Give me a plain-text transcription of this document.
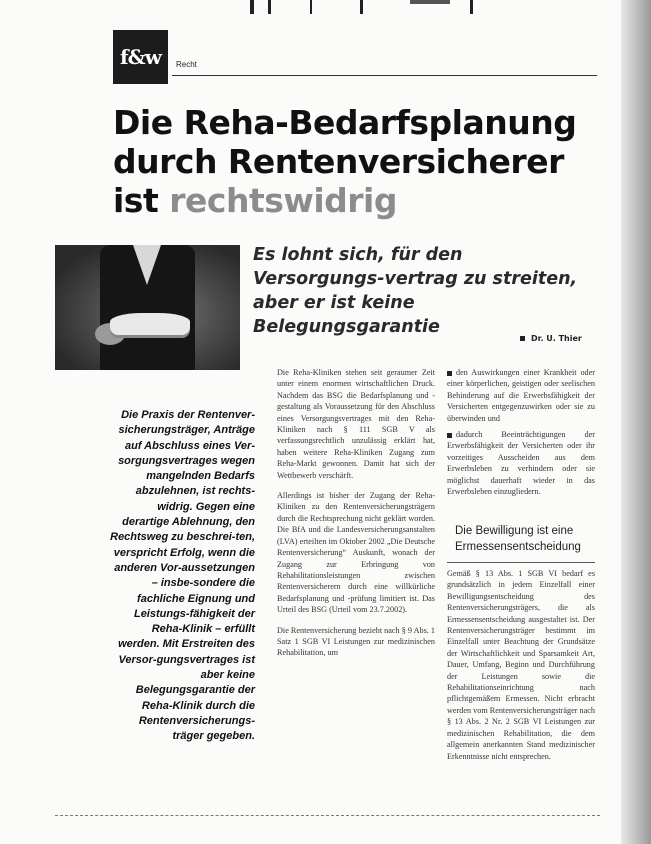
f&w	Recht
Die Reha-Bedarfsplanung
durch Rentenversicherer
ist rechtswidrig
Es lohnt sich, für den Versorgungs-vertrag zu streiten, aber er ist keine Belegungsgarantie
Dr. U. Thier
Die Praxis der Rentenver-sicherungsträger, Anträge auf Abschluss eines Ver-sorgungsvertrages wegen mangelnden Bedarfs abzulehnen, ist rechts-widrig. Gegen eine derartige Ablehnung, den Rechtsweg zu beschrei-ten, verspricht Erfolg, wenn die anderen Vor-aussetzungen – insbe-sondere die fachliche Eignung und Leistungs-fähigkeit der Reha-Klinik – erfüllt werden. Mit Erstreiten des Versor-gungsvertrages ist aber keine Belegungsgarantie der Reha-Klinik durch die Rentenversicherungs-träger gegeben.

Die Reha-Kliniken stehen seit geraumer Zeit unter einem enormen wirtschaftlichen Druck. Nachdem das BSG die Bedarfsplanung und -gestaltung als Voraussetzung für den Abschluss eines Versorgungsvertrages mit den Reha-Kliniken nach § 111 SGB V als verfassungsrechtlich unzulässig erklärt hat, haben weitere Reha-Kliniken Zugang zum Reha-Markt gewonnen. Damit hat sich der Wettbewerb verschärft.

Allerdings ist bisher der Zugang der Reha-Kliniken zu den Rentenversicherungsträgern durch die Rechtsprechung nicht geklärt worden. Die BfA und die Landesversicherungsanstalten (LVA) erteilten im Oktober 2002 „Die Deutsche Rentenversicherung“ Auskunft, wonach der Zugang zur Erbringung von Rehabilitationsleistungen zwischen Rentenversicherern durch eine willkürliche Bedarfsplanung und -prüfung limitiert ist. Das Urteil des BSG (Urteil vom 23.7.2002).

Die Rentenversicherung bezieht nach § 9 Abs. 1 Satz 1 SGB VI Leistungen zur medizinischen Rehabilitation, um

den Auswirkungen einer Krankheit oder einer körperlichen, geistigen oder seelischen Behinderung auf die Erwerbsfähigkeit der Versicherten entgegenzuwirken oder sie zu überwinden und
dadurch Beeinträchtigungen der Erwerbsfähigkeit der Versicherten oder ihr vorzeitiges Ausscheiden aus dem Erwerbsleben zu verhindern oder sie möglichst dauerhaft wieder in das Erwerbsleben einzugliedern.
Die Bewilligung ist eine Ermessensentscheidung
Gemäß § 13 Abs. 1 SGB VI bedarf es grundsätzlich in jedem Einzelfall einer Bewilligungsentscheidung des Rentenversicherungsträgers, die als Ermessensentscheidung ausgestaltet ist. Der Rentenversicherungsträger bestimmt im Einzelfall unter Beachtung der Grundsätze der Wirtschaftlichkeit und Sparsamkeit Art, Dauer, Umfang, Beginn und Durchführung der Leistungen sowie die Rehabilitationseinrichtung nach pflichtgemäßem Ermessen. Nicht erbracht werden vom Rentenversicherungsträger nach § 13 Abs. 2 Nr. 2 SGB VI Leistungen zur medizinischen Rehabilitation, die dem allgemein anerkannten Stand medizinischer Erkenntnisse nicht entsprechen.
